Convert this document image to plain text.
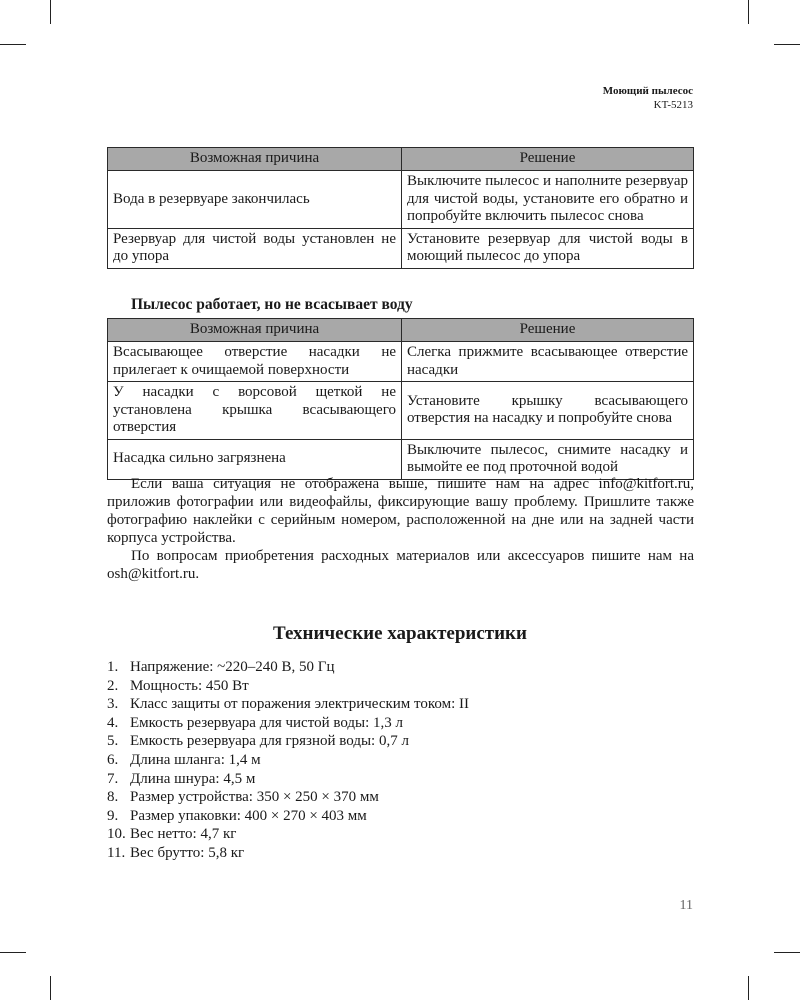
Моющий пылесос
KT-5213
Возможная причина	Решение
Вода в резервуаре закончилась	Выключите пылесос и наполните резервуар для чистой воды, установите его обратно и попробуйте включить пылесос снова
Резервуар для чистой воды установлен не до упора	Установите резервуар для чистой воды в моющий пылесос до упора
Пылесос работает, но не всасывает воду
Возможная причина	Решение
Всасывающее отверстие насадки не прилегает к очищаемой поверхности	Слегка прижмите всасывающее отверстие насадки
У насадки с ворсовой щеткой не установлена крышка всасывающего отверстия	Установите крышку всасывающего отверстия на насадку и попробуйте снова
Насадка сильно загрязнена	Выключите пылесос, снимите насадку и вымойте ее под проточной водой

Если ваша ситуация не отображена выше, пишите нам на адрес info@kitfort.ru, приложив фотографии или видеофайлы, фиксирующие вашу проблему. Пришлите также фотографию наклейки с серийным номером, расположенной на дне или на задней части корпуса устройства.

По вопросам приобретения расходных материалов или аксессуаров пишите нам на osh@kitfort.ru.

Технические характеристики
1. Напряжение: ~220–240 В, 50 Гц
2. Мощность: 450 Вт
3. Класс защиты от поражения электрическим током: II
4. Емкость резервуара для чистой воды: 1,3 л
5. Емкость резервуара для грязной воды: 0,7 л
6. Длина шланга: 1,4 м
7. Длина шнура: 4,5 м
8. Размер устройства: 350 × 250 × 370 мм
9. Размер упаковки: 400 × 270 × 403 мм
10. Вес нетто: 4,7 кг
11. Вес брутто: 5,8 кг
11
